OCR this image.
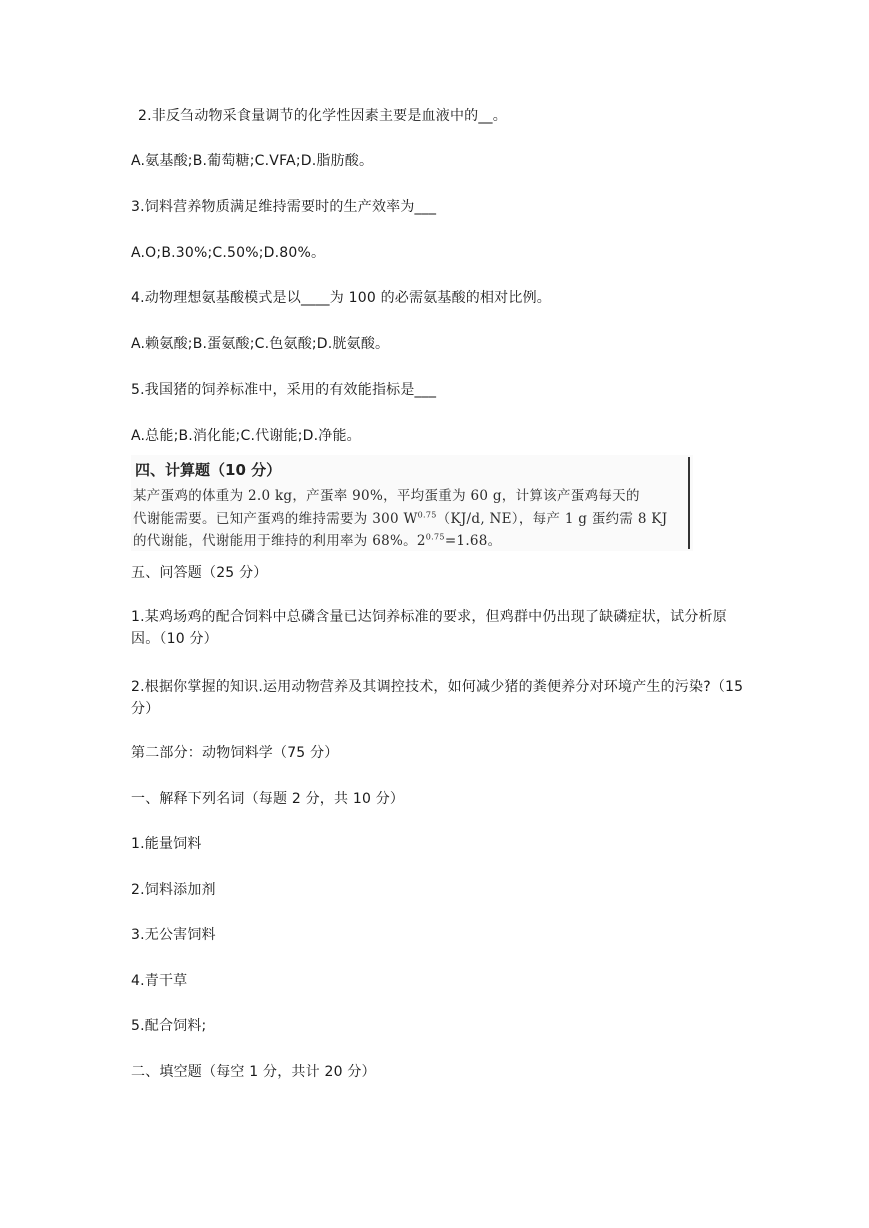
2.非反刍动物采食量调节的化学性因素主要是血液中的__。
A.氨基酸;B.葡萄糖;C.VFA;D.脂肪酸。
3.饲料营养物质满足维持需要时的生产效率为___
A.O;B.30%;C.50%;D.80%。
4.动物理想氨基酸模式是以____为 100 的必需氨基酸的相对比例。
A.赖氨酸;B.蛋氨酸;C.色氨酸;D.胱氨酸。
5.我国猪的饲养标准中，采用的有效能指标是___
A.总能;B.消化能;C.代谢能;D.净能。
四、计算题（10 分）
某产蛋鸡的体重为 2.0 kg，产蛋率 90%，平均蛋重为 60 g，计算该产蛋鸡每天的
代谢能需要。已知产蛋鸡的维持需要为 300 $W^{0.75}(KJ/d$, NE），每产 1 g 蛋约需 8 KJ
的代谢能，代谢能用于维持的利用率为 68%。$2^{0.75}=1.68$。
五、问答题（25 分）
1.某鸡场鸡的配合饲料中总磷含量已达饲养标准的要求，但鸡群中仍出现了缺磷症状，试分析原因。（10 分）
2.根据你掌握的知识.运用动物营养及其调控技术，如何减少猪的粪便养分对环境产生的污染?（15 分）
第二部分：动物饲料学（75 分）
一、解释下列名词（每题 2 分，共 10 分）
1.能量饲料
2.饲料添加剂
3.无公害饲料
4.青干草
5.配合饲料;
二、填空题（每空 1 分，共计 20 分）
